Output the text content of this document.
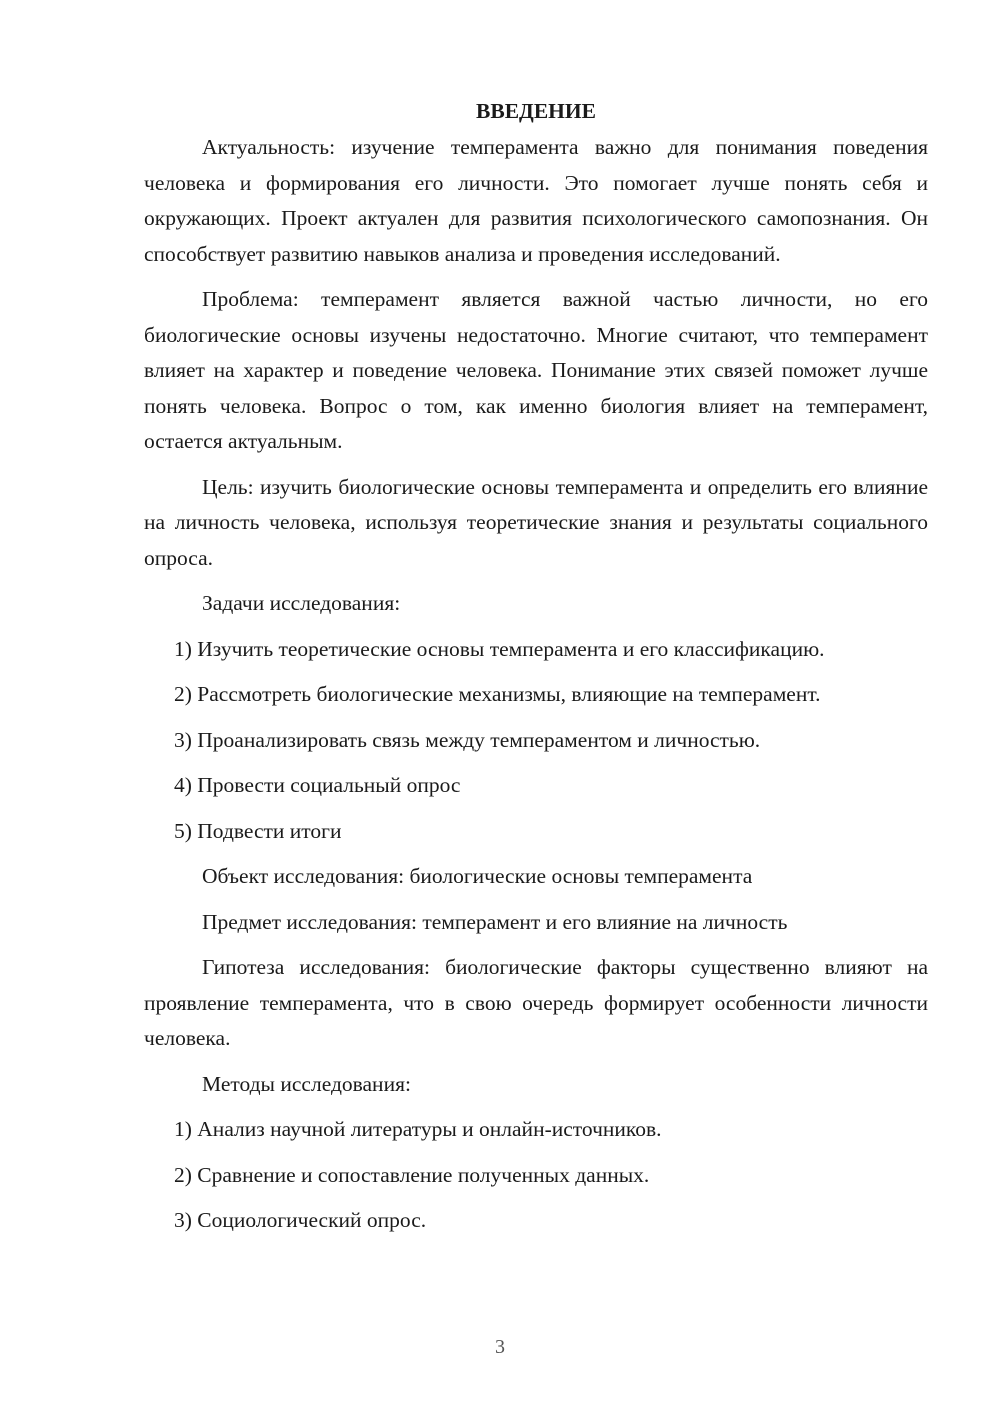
ВВЕДЕНИЕ

Актуальность: изучение темперамента важно для понимания поведения человека и формирования его личности. Это помогает лучше понять себя и окружающих. Проект актуален для развития психологического самопознания. Он способствует развитию навыков анализа и проведения исследований.

Проблема: темперамент является важной частью личности, но его биологические основы изучены недостаточно. Многие считают, что темперамент влияет на характер и поведение человека. Понимание этих связей поможет лучше понять человека. Вопрос о том, как именно биология влияет на темперамент, остается актуальным.

Цель: изучить биологические основы темперамента и определить его влияние на личность человека, используя теоретические знания и результаты социального опроса.

Задачи исследования:

1) Изучить теоретические основы темперамента и его классификацию.

2) Рассмотреть биологические механизмы, влияющие на темперамент.

3) Проанализировать связь между темпераментом и личностью.

4) Провести социальный опрос

5) Подвести итоги

Объект исследования: биологические основы темперамента

Предмет исследования: темперамент и его влияние на личность

Гипотеза исследования: биологические факторы существенно влияют на проявление темперамента, что в свою очередь формирует особенности личности человека.

Методы исследования:

1) Анализ научной литературы и онлайн-источников.

2) Сравнение и сопоставление полученных данных.

3) Социологический опрос.

3
